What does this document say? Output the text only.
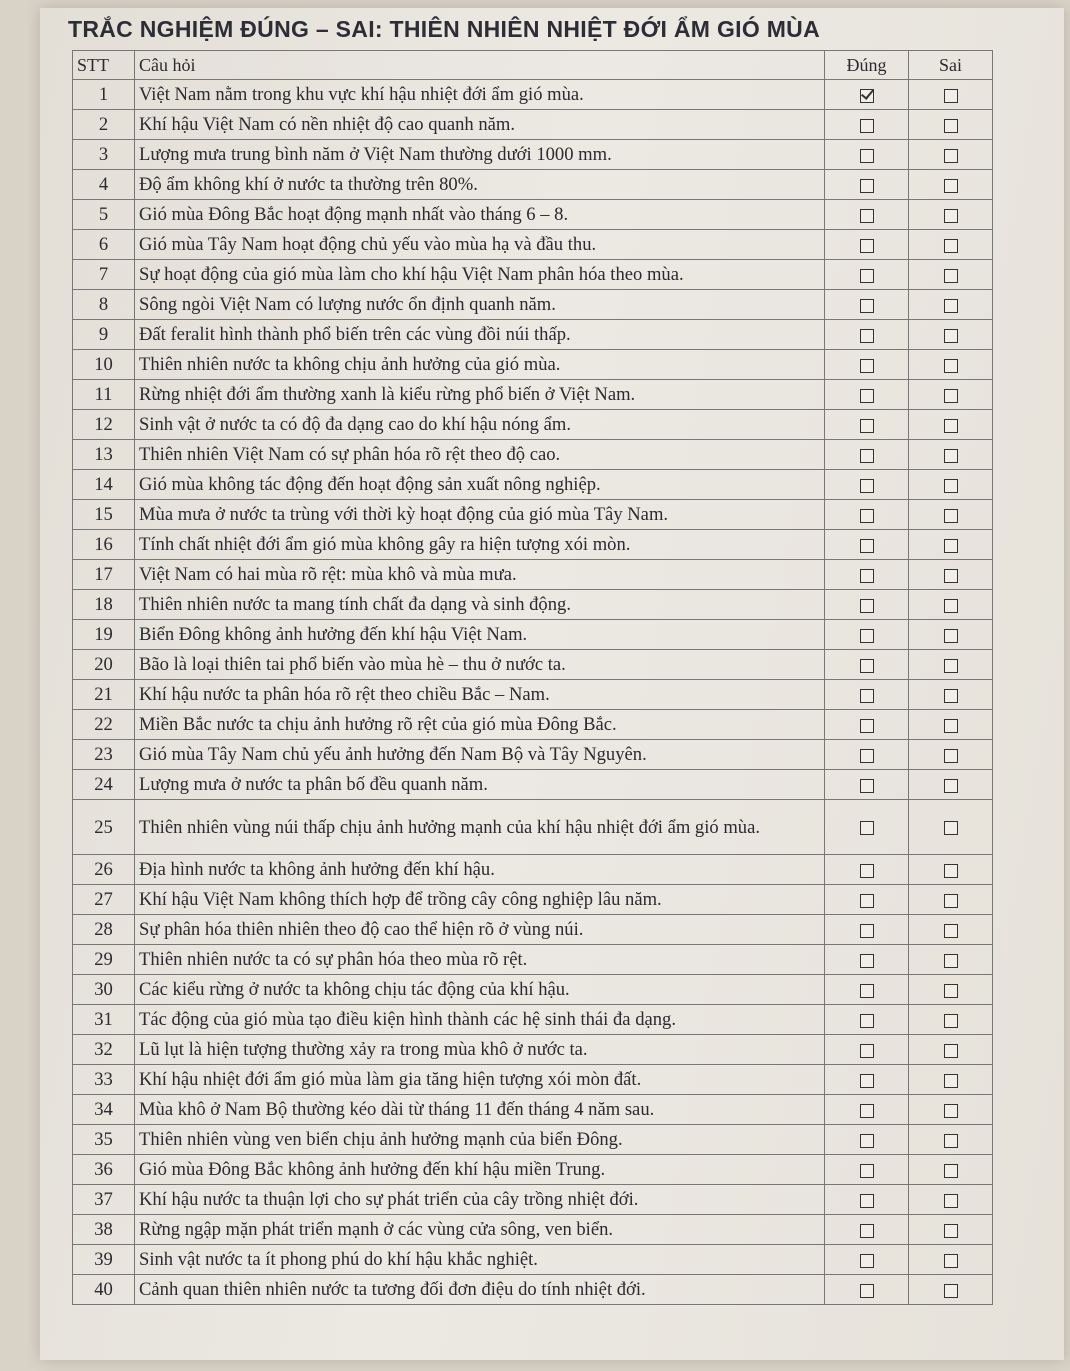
TRẮC NGHIỆM ĐÚNG – SAI: THIÊN NHIÊN NHIỆT ĐỚI ẨM GIÓ MÙA
STT	Câu hỏi	Đúng	Sai
1	Việt Nam nằm trong khu vực khí hậu nhiệt đới ẩm gió mùa.		
2	Khí hậu Việt Nam có nền nhiệt độ cao quanh năm.		
3	Lượng mưa trung bình năm ở Việt Nam thường dưới 1000 mm.		
4	Độ ẩm không khí ở nước ta thường trên 80%.		
5	Gió mùa Đông Bắc hoạt động mạnh nhất vào tháng 6 – 8.		
6	Gió mùa Tây Nam hoạt động chủ yếu vào mùa hạ và đầu thu.		
7	Sự hoạt động của gió mùa làm cho khí hậu Việt Nam phân hóa theo mùa.		
8	Sông ngòi Việt Nam có lượng nước ổn định quanh năm.		
9	Đất feralit hình thành phổ biến trên các vùng đồi núi thấp.		
10	Thiên nhiên nước ta không chịu ảnh hưởng của gió mùa.		
11	Rừng nhiệt đới ẩm thường xanh là kiểu rừng phổ biến ở Việt Nam.		
12	Sinh vật ở nước ta có độ đa dạng cao do khí hậu nóng ẩm.		
13	Thiên nhiên Việt Nam có sự phân hóa rõ rệt theo độ cao.		
14	Gió mùa không tác động đến hoạt động sản xuất nông nghiệp.		
15	Mùa mưa ở nước ta trùng với thời kỳ hoạt động của gió mùa Tây Nam.		
16	Tính chất nhiệt đới ẩm gió mùa không gây ra hiện tượng xói mòn.		
17	Việt Nam có hai mùa rõ rệt: mùa khô và mùa mưa.		
18	Thiên nhiên nước ta mang tính chất đa dạng và sinh động.		
19	Biển Đông không ảnh hưởng đến khí hậu Việt Nam.		
20	Bão là loại thiên tai phổ biến vào mùa hè – thu ở nước ta.		
21	Khí hậu nước ta phân hóa rõ rệt theo chiều Bắc – Nam.		
22	Miền Bắc nước ta chịu ảnh hưởng rõ rệt của gió mùa Đông Bắc.		
23	Gió mùa Tây Nam chủ yếu ảnh hưởng đến Nam Bộ và Tây Nguyên.		
24	Lượng mưa ở nước ta phân bố đều quanh năm.		
25	Thiên nhiên vùng núi thấp chịu ảnh hưởng mạnh của khí hậu nhiệt đới ẩm gió mùa.		
26	Địa hình nước ta không ảnh hưởng đến khí hậu.		
27	Khí hậu Việt Nam không thích hợp để trồng cây công nghiệp lâu năm.		
28	Sự phân hóa thiên nhiên theo độ cao thể hiện rõ ở vùng núi.		
29	Thiên nhiên nước ta có sự phân hóa theo mùa rõ rệt.		
30	Các kiểu rừng ở nước ta không chịu tác động của khí hậu.		
31	Tác động của gió mùa tạo điều kiện hình thành các hệ sinh thái đa dạng.		
32	Lũ lụt là hiện tượng thường xảy ra trong mùa khô ở nước ta.		
33	Khí hậu nhiệt đới ẩm gió mùa làm gia tăng hiện tượng xói mòn đất.		
34	Mùa khô ở Nam Bộ thường kéo dài từ tháng 11 đến tháng 4 năm sau.		
35	Thiên nhiên vùng ven biển chịu ảnh hưởng mạnh của biển Đông.		
36	Gió mùa Đông Bắc không ảnh hưởng đến khí hậu miền Trung.		
37	Khí hậu nước ta thuận lợi cho sự phát triển của cây trồng nhiệt đới.		
38	Rừng ngập mặn phát triển mạnh ở các vùng cửa sông, ven biển.		
39	Sinh vật nước ta ít phong phú do khí hậu khắc nghiệt.		
40	Cảnh quan thiên nhiên nước ta tương đối đơn điệu do tính nhiệt đới.		
